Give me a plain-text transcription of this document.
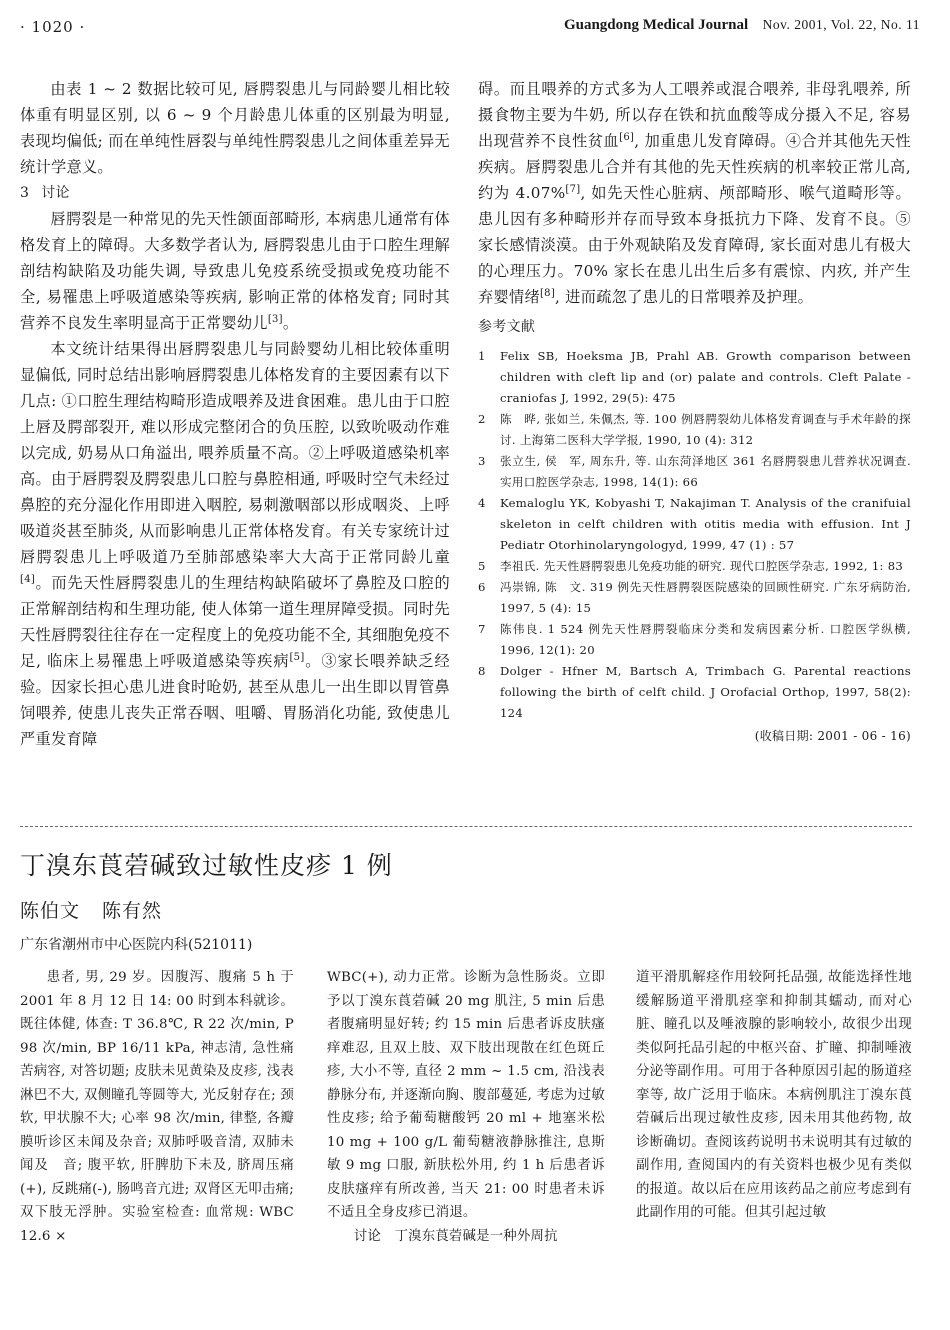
· 1020 ·	Guangdong Medical Journal Nov. 2001, Vol. 22, No. 11

由表 1 ~ 2 数据比较可见, 唇腭裂患儿与同龄婴儿相比较体重有明显区别, 以 6 ~ 9 个月龄患儿体重的区别最为明显, 表现均偏低; 而在单纯性唇裂与单纯性腭裂患儿之间体重差异无统计学意义。

3 讨论

唇腭裂是一种常见的先天性颌面部畸形, 本病患儿通常有体格发育上的障碍。大多数学者认为, 唇腭裂患儿由于口腔生理解剖结构缺陷及功能失调, 导致患儿免疫系统受损或免疫功能不全, 易罹患上呼吸道感染等疾病, 影响正常的体格发育; 同时其营养不良发生率明显高于正常婴幼儿[3]。

本文统计结果得出唇腭裂患儿与同龄婴幼儿相比较体重明显偏低, 同时总结出影响唇腭裂患儿体格发育的主要因素有以下几点: ①口腔生理结构畸形造成喂养及进食困难。患儿由于口腔上唇及腭部裂开, 难以形成完整闭合的负压腔, 以致吮吸动作难以完成, 奶易从口角溢出, 喂养质量不高。②上呼吸道感染机率高。由于唇腭裂及腭裂患儿口腔与鼻腔相通, 呼吸时空气未经过鼻腔的充分湿化作用即进入咽腔, 易刺激咽部以形成咽炎、上呼吸道炎甚至肺炎, 从而影响患儿正常体格发育。有关专家统计过唇腭裂患儿上呼吸道乃至肺部感染率大大高于正常同龄儿童[4]。而先天性唇腭裂患儿的生理结构缺陷破坏了鼻腔及口腔的正常解剖结构和生理功能, 使人体第一道生理屏障受损。同时先天性唇腭裂往往存在一定程度上的免疫功能不全, 其细胞免疫不足, 临床上易罹患上呼吸道感染等疾病[5]。③家长喂养缺乏经验。因家长担心患儿进食时呛奶, 甚至从患儿一出生即以胃管鼻饲喂养, 使患儿丧失正常吞咽、咀嚼、胃肠消化功能, 致使患儿严重发育障

碍。而且喂养的方式多为人工喂养或混合喂养, 非母乳喂养, 所摄食物主要为牛奶, 所以存在铁和抗血酸等成分摄入不足, 容易出现营养不良性贫血[6], 加重患儿发育障碍。④合并其他先天性疾病。唇腭裂患儿合并有其他的先天性疾病的机率较正常儿高, 约为 4.07%[7], 如先天性心脏病、颅部畸形、喉气道畸形等。患儿因有多种畸形并存而导致本身抵抗力下降、发育不良。⑤家长感情淡漠。由于外观缺陷及发育障碍, 家长面对患儿有极大的心理压力。70% 家长在患儿出生后多有震惊、内疚, 并产生弃婴情绪[8], 进而疏忽了患儿的日常喂养及护理。

参考文献
1 Felix SB, Hoeksma JB, Prahl AB. Growth comparison between children with cleft lip and (or) palate and controls. Cleft Palate - craniofas J, 1992, 29(5): 475
2 陈　晔, 张如兰, 朱佩杰, 等. 100 例唇腭裂幼儿体格发育调查与手术年龄的探讨. 上海第二医科大学学报, 1990, 10 (4): 312
3 张立生, 侯　军, 周东升, 等. 山东菏泽地区 361 名唇腭裂患儿营养状况调查. 实用口腔医学杂志, 1998, 14(1): 66
4 Kemaloglu YK, Kobyashi T, Nakajiman T. Analysis of the cranifuial skeleton in celft children with otitis media with effusion. Int J Pediatr Otorhinolaryngologyd, 1999, 47 (1) : 57
5 李祖氏. 先天性唇腭裂患儿免疫功能的研究. 现代口腔医学杂志, 1992, 1: 83
6 冯崇锦, 陈　文. 319 例先天性唇腭裂医院感染的回顾性研究. 广东牙病防治, 1997, 5 (4): 15
7 陈伟良. 1 524 例先天性唇腭裂临床分类和发病因素分析. 口腔医学纵横, 1996, 12(1): 20
8 Dolger - Hfner M, Bartsch A, Trimbach G. Parental reactions following the birth of celft child. J Orofacial Orthop, 1997, 58(2): 124
(收稿日期: 2001 - 06 - 16)
丁溴东莨菪碱致过敏性皮疹 1 例
陈伯文 陈有然
广东省潮州市中心医院内科(521011)

患者, 男, 29 岁。因腹泻、腹痛 5 h 于 2001 年 8 月 12 日 14: 00 时到本科就诊。既往体健, 体查: T 36.8℃, R 22 次/min, P 98 次/min, BP 16/11 kPa, 神志清, 急性痛苦病容, 对答切题; 皮肤未见黄染及皮疹, 浅表淋巴不大, 双侧瞳孔等圆等大, 光反射存在; 颈软, 甲状腺不大; 心率 98 次/min, 律整, 各瓣膜听诊区未闻及杂音; 双肺呼吸音清, 双肺未闻及　音; 腹平软, 肝脾肋下未及, 脐周压痛(+), 反跳痛(-), 肠鸣音亢进; 双肾区无叩击痛; 双下肢无浮肿。实验室检查: 血常规: WBC 12.6 ×

WBC(+), 动力正常。诊断为急性肠炎。立即予以丁溴东莨菪碱 20 mg 肌注, 5 min 后患者腹痛明显好转; 约 15 min 后患者诉皮肤瘙痒难忍, 且双上肢、双下肢出现散在红色斑丘疹, 大小不等, 直径 2 mm ~ 1.5 cm, 沿浅表静脉分布, 并逐渐向胸、腹部蔓延, 考虑为过敏性皮疹; 给予葡萄糖酸钙 20 ml + 地塞米松 10 mg + 100 g/L 葡萄糖液静脉推注, 息斯敏 9 mg 口服, 新肤松外用, 约 1 h 后患者诉皮肤瘙痒有所改善, 当天 21: 00 时患者未诉不适且全身皮疹已消退。

讨论　丁溴东莨菪碱是一种外周抗

道平滑肌解痉作用较阿托品强, 故能选择性地缓解肠道平滑肌痉挛和抑制其蠕动, 而对心脏、瞳孔以及唾液腺的影响较小, 故很少出现类似阿托品引起的中枢兴奋、扩瞳、抑制唾液分泌等副作用。可用于各种原因引起的肠道痉挛等, 故广泛用于临床。本病例肌注丁溴东莨菪碱后出现过敏性皮疹, 因未用其他药物, 故诊断确切。查阅该药说明书未说明其有过敏的副作用, 查阅国内的有关资料也极少见有类似的报道。故以后在应用该药品之前应考虑到有此副作用的可能。但其引起过敏
